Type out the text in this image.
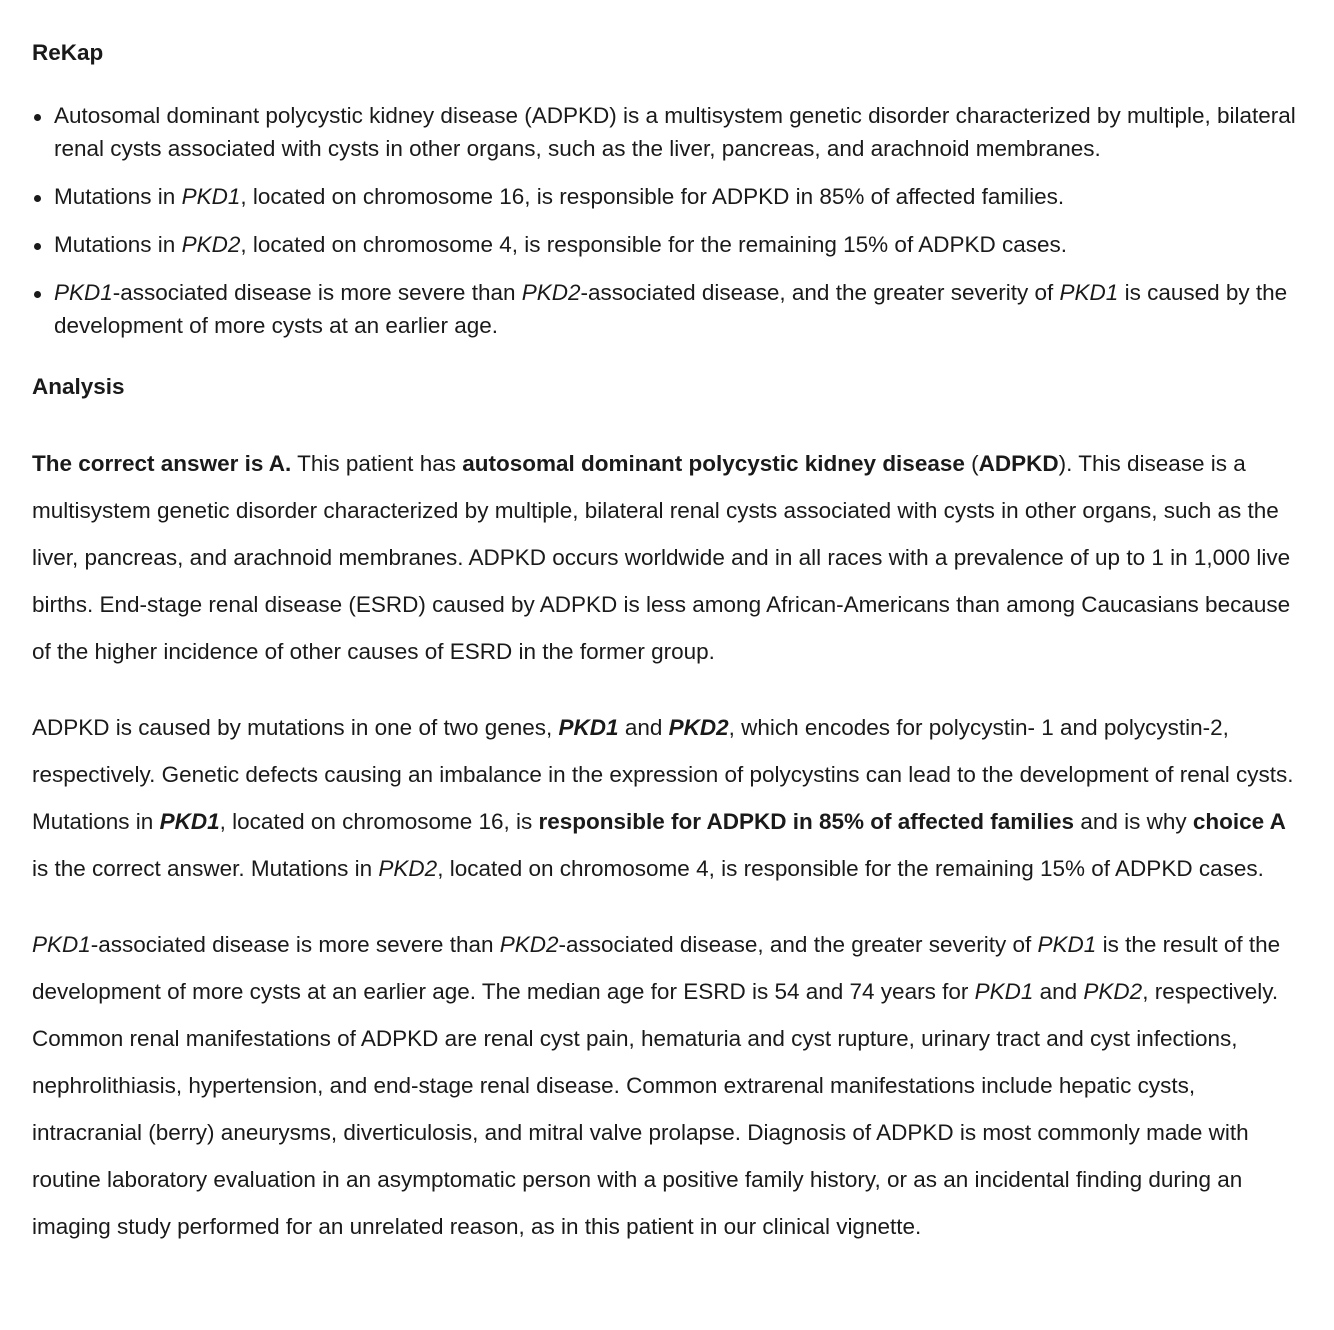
ReKap
Autosomal dominant polycystic kidney disease (ADPKD) is a multisystem genetic disorder characterized by multiple, bilateral renal cysts associated with cysts in other organs, such as the liver, pancreas, and arachnoid membranes.
Mutations in PKD1, located on chromosome 16, is responsible for ADPKD in 85% of affected families.
Mutations in PKD2, located on chromosome 4, is responsible for the remaining 15% of ADPKD cases.
PKD1-associated disease is more severe than PKD2-associated disease, and the greater severity of PKD1 is caused by the development of more cysts at an earlier age.
Analysis

The correct answer is A. This patient has autosomal dominant polycystic kidney disease (ADPKD). This disease is a multisystem genetic disorder characterized by multiple, bilateral renal cysts associated with cysts in other organs, such as the liver, pancreas, and arachnoid membranes. ADPKD occurs worldwide and in all races with a prevalence of up to 1 in 1,000 live births. End-stage renal disease (ESRD) caused by ADPKD is less among African-Americans than among Caucasians because of the higher incidence of other causes of ESRD in the former group.

ADPKD is caused by mutations in one of two genes, PKD1 and PKD2, which encodes for polycystin- 1 and polycystin-2, respectively. Genetic defects causing an imbalance in the expression of polycystins can lead to the development of renal cysts. Mutations in PKD1, located on chromosome 16, is responsible for ADPKD in 85% of affected families and is why choice A is the correct answer. Mutations in PKD2, located on chromosome 4, is responsible for the remaining 15% of ADPKD cases.

PKD1-associated disease is more severe than PKD2-associated disease, and the greater severity of PKD1 is the result of the development of more cysts at an earlier age. The median age for ESRD is 54 and 74 years for PKD1 and PKD2, respectively. Common renal manifestations of ADPKD are renal cyst pain, hematuria and cyst rupture, urinary tract and cyst infections, nephrolithiasis, hypertension, and end-stage renal disease. Common extrarenal manifestations include hepatic cysts, intracranial (berry) aneurysms, diverticulosis, and mitral valve prolapse. Diagnosis of ADPKD is most commonly made with routine laboratory evaluation in an asymptomatic person with a positive family history, or as an incidental finding during an imaging study performed for an unrelated reason, as in this patient in our clinical vignette.
